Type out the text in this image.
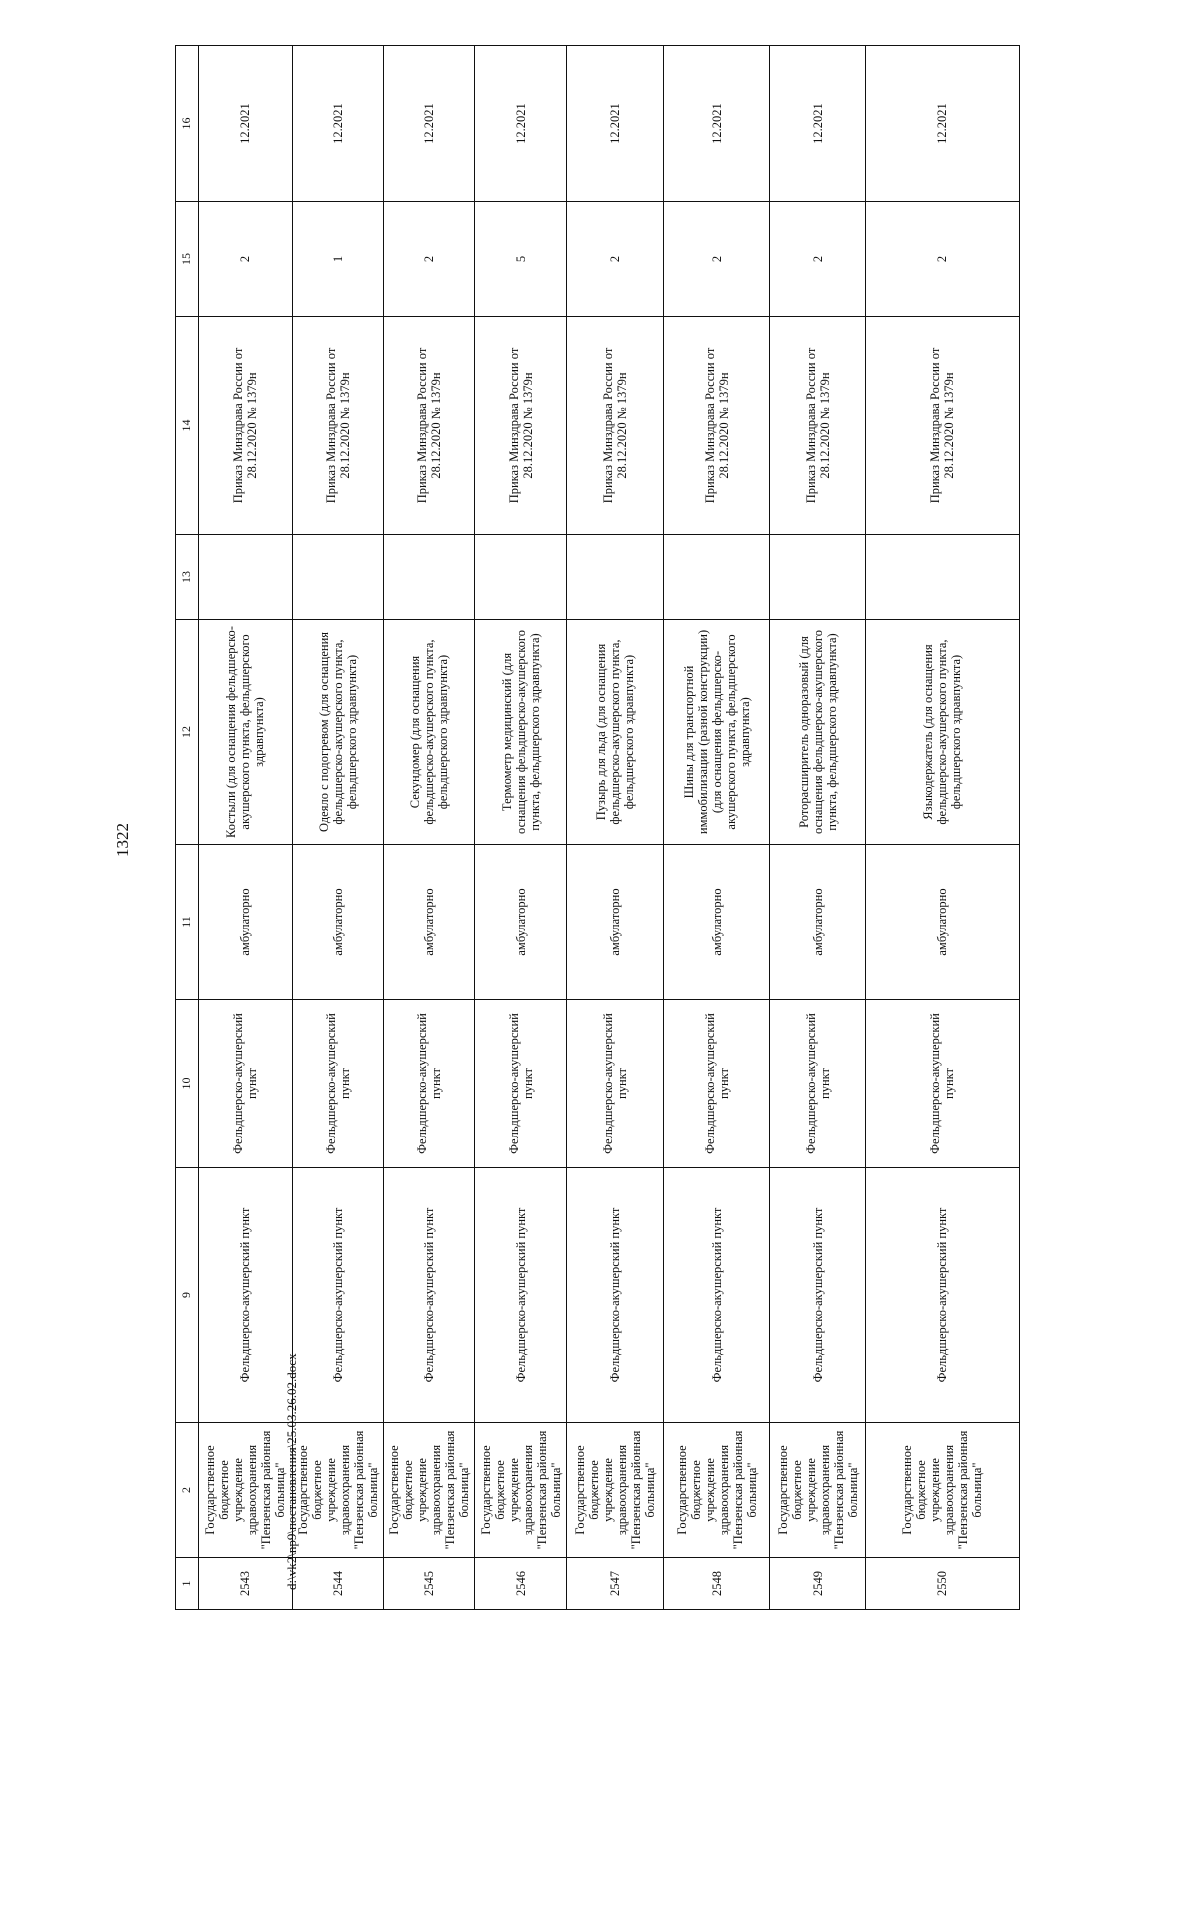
1322
1	2	9	10	11	12	13	14	15	16
2543	Государственное бюджетное учреждение здравоохранения "Пензенская районная больница"	Фельдшерско-акушерский пункт	Фельдшерско-акушерский пункт	амбулаторно	Костыли (для оснащения фельдшерско-акушерского пункта, фельдшерского здравпункта)		Приказ Минздрава России от 28.12.2020 № 1379н	2	12.2021
2544	Государственное бюджетное учреждение здравоохранения "Пензенская районная больница"	Фельдшерско-акушерский пункт	Фельдшерско-акушерский пункт	амбулаторно	Одеяло с подогревом (для оснащения фельдшерско-акушерского пункта, фельдшерского здравпункта)		Приказ Минздрава России от 28.12.2020 № 1379н	1	12.2021
2545	Государственное бюджетное учреждение здравоохранения "Пензенская районная больница"	Фельдшерско-акушерский пункт	Фельдшерско-акушерский пункт	амбулаторно	Секундомер (для оснащения фельдшерско-акушерского пункта, фельдшерского здравпункта)		Приказ Минздрава России от 28.12.2020 № 1379н	2	12.2021
2546	Государственное бюджетное учреждение здравоохранения "Пензенская районная больница"	Фельдшерско-акушерский пункт	Фельдшерско-акушерский пункт	амбулаторно	Термометр медицинский (для оснащения фельдшерско-акушерского пункта, фельдшерского здравпункта)		Приказ Минздрава России от 28.12.2020 № 1379н	5	12.2021
2547	Государственное бюджетное учреждение здравоохранения "Пензенская районная больница"	Фельдшерско-акушерский пункт	Фельдшерско-акушерский пункт	амбулаторно	Пузырь для льда (для оснащения фельдшерско-акушерского пункта, фельдшерского здравпункта)		Приказ Минздрава России от 28.12.2020 № 1379н	2	12.2021
2548	Государственное бюджетное учреждение здравоохранения "Пензенская районная больница"	Фельдшерско-акушерский пункт	Фельдшерско-акушерский пункт	амбулаторно	Шины для транспортной иммобилизации (разной конструкции) (для оснащения фельдшерско-акушерского пункта, фельдшерского здравпункта)		Приказ Минздрава России от 28.12.2020 № 1379н	2	12.2021
2549	Государственное бюджетное учреждение здравоохранения "Пензенская районная больница"	Фельдшерско-акушерский пункт	Фельдшерско-акушерский пункт	амбулаторно	Роторасширитель одноразовый (для оснащения фельдшерско-акушерского пункта, фельдшерского здравпункта)		Приказ Минздрава России от 28.12.2020 № 1379н	2	12.2021
2550	Государственное бюджетное учреждение здравоохранения "Пензенская районная больница"	Фельдшерско-акушерский пункт	Фельдшерско-акушерский пункт	амбулаторно	Языкодержатель (для оснащения фельдшерско-акушерского пункта, фельдшерского здравпункта)		Приказ Минздрава России от 28.12.2020 № 1379н	2	12.2021
d:\vk2\np9\постановления\25.03.26.02.docx
